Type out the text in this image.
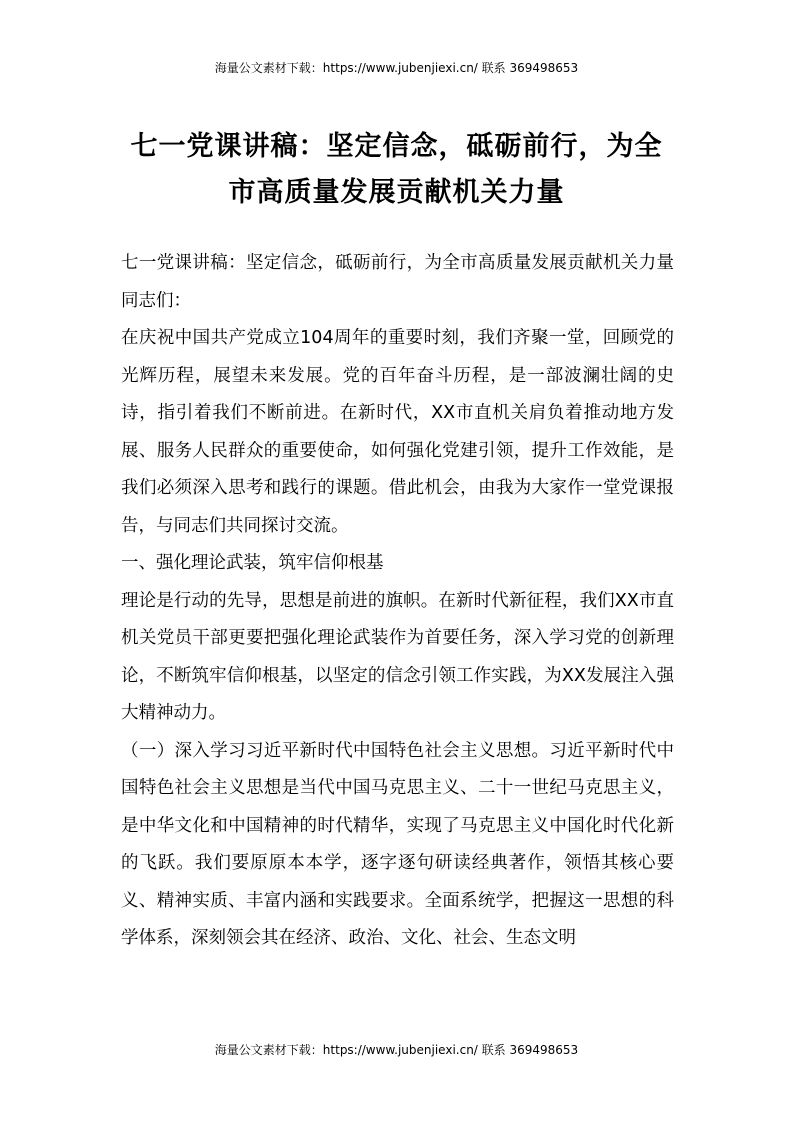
海量公文素材下载：https://www.jubenjiexi.cn/ 联系 369498653
七一党课讲稿：坚定信念，砥砺前行，为全
市高质量发展贡献机关力量

七一党课讲稿：坚定信念，砥砺前行，为全市高质量发展贡献机关力量同志们：

在庆祝中国共产党成立104周年的重要时刻，我们齐聚一堂，回顾党的光辉历程，展望未来发展。党的百年奋斗历程，是一部波澜壮阔的史诗，指引着我们不断前进。在新时代，XX市直机关肩负着推动地方发展、服务人民群众的重要使命，如何强化党建引领，提升工作效能，是我们必须深入思考和践行的课题。借此机会，由我为大家作一堂党课报告，与同志们共同探讨交流。

一、强化理论武装，筑牢信仰根基

理论是行动的先导，思想是前进的旗帜。在新时代新征程，我们XX市直机关党员干部更要把强化理论武装作为首要任务，深入学习党的创新理论，不断筑牢信仰根基，以坚定的信念引领工作实践，为XX发展注入强大精神动力。

（一）深入学习习近平新时代中国特色社会主义思想。习近平新时代中国特色社会主义思想是当代中国马克思主义、二十一世纪马克思主义，是中华文化和中国精神的时代精华，实现了马克思主义中国化时代化新的飞跃。我们要原原本本学，逐字逐句研读经典著作，领悟其核心要义、精神实质、丰富内涵和实践要求。全面系统学，把握这一思想的科学体系，深刻领会其在经济、政治、文化、社会、生态文明

海量公文素材下载：https://www.jubenjiexi.cn/ 联系 369498653
